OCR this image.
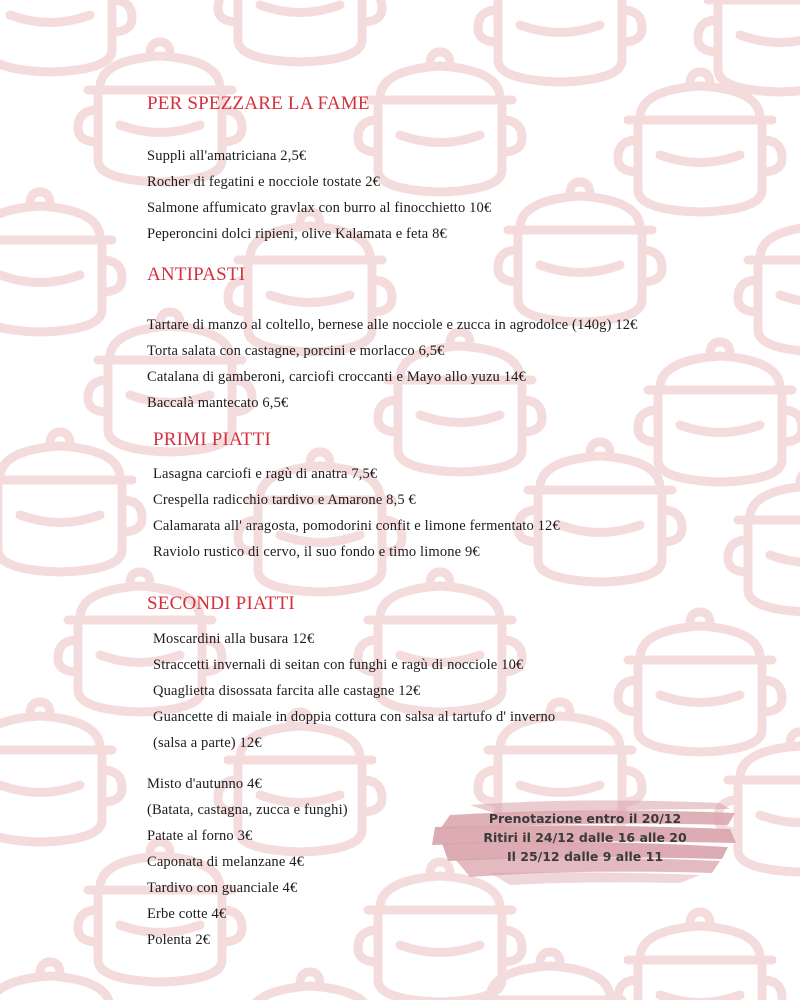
PER SPEZZARE LA FAME
Suppli all'amatriciana 2,5€
Rocher di fegatini e nocciole tostate 2€
Salmone affumicato gravlax con burro al finocchietto 10€
Peperoncini dolci ripieni, olive Kalamata e feta 8€
ANTIPASTI
Tartare di manzo al coltello, bernese alle nocciole e zucca in agrodolce (140g) 12€
Torta salata con castagne, porcini e morlacco 6,5€
Catalana di gamberoni, carciofi croccanti e Mayo allo yuzu 14€
Baccalà mantecato 6,5€
PRIMI PIATTI
Lasagna carciofi e ragù di anatra 7,5€
Crespella radicchio tardivo e Amarone 8,5 €
Calamarata all' aragosta, pomodorini confit e limone fermentato 12€
Raviolo rustico di cervo, il suo fondo e timo limone 9€
SECONDI PIATTI
Moscardini alla busara 12€
Straccetti invernali di seitan con funghi e ragù di nocciole 10€
Quaglietta disossata farcita alle castagne 12€
Guancette di maiale in doppia cottura con salsa al tartufo d' inverno
(salsa a parte) 12€
Misto d'autunno 4€
(Batata, castagna, zucca e funghi)
Patate al forno 3€
Caponata di melanzane 4€
Tardivo con guanciale 4€
Erbe cotte 4€
Polenta 2€
Prenotazione entro il 20/12
Ritiri il 24/12 dalle 16 alle 20
Il 25/12 dalle 9 alle 11
